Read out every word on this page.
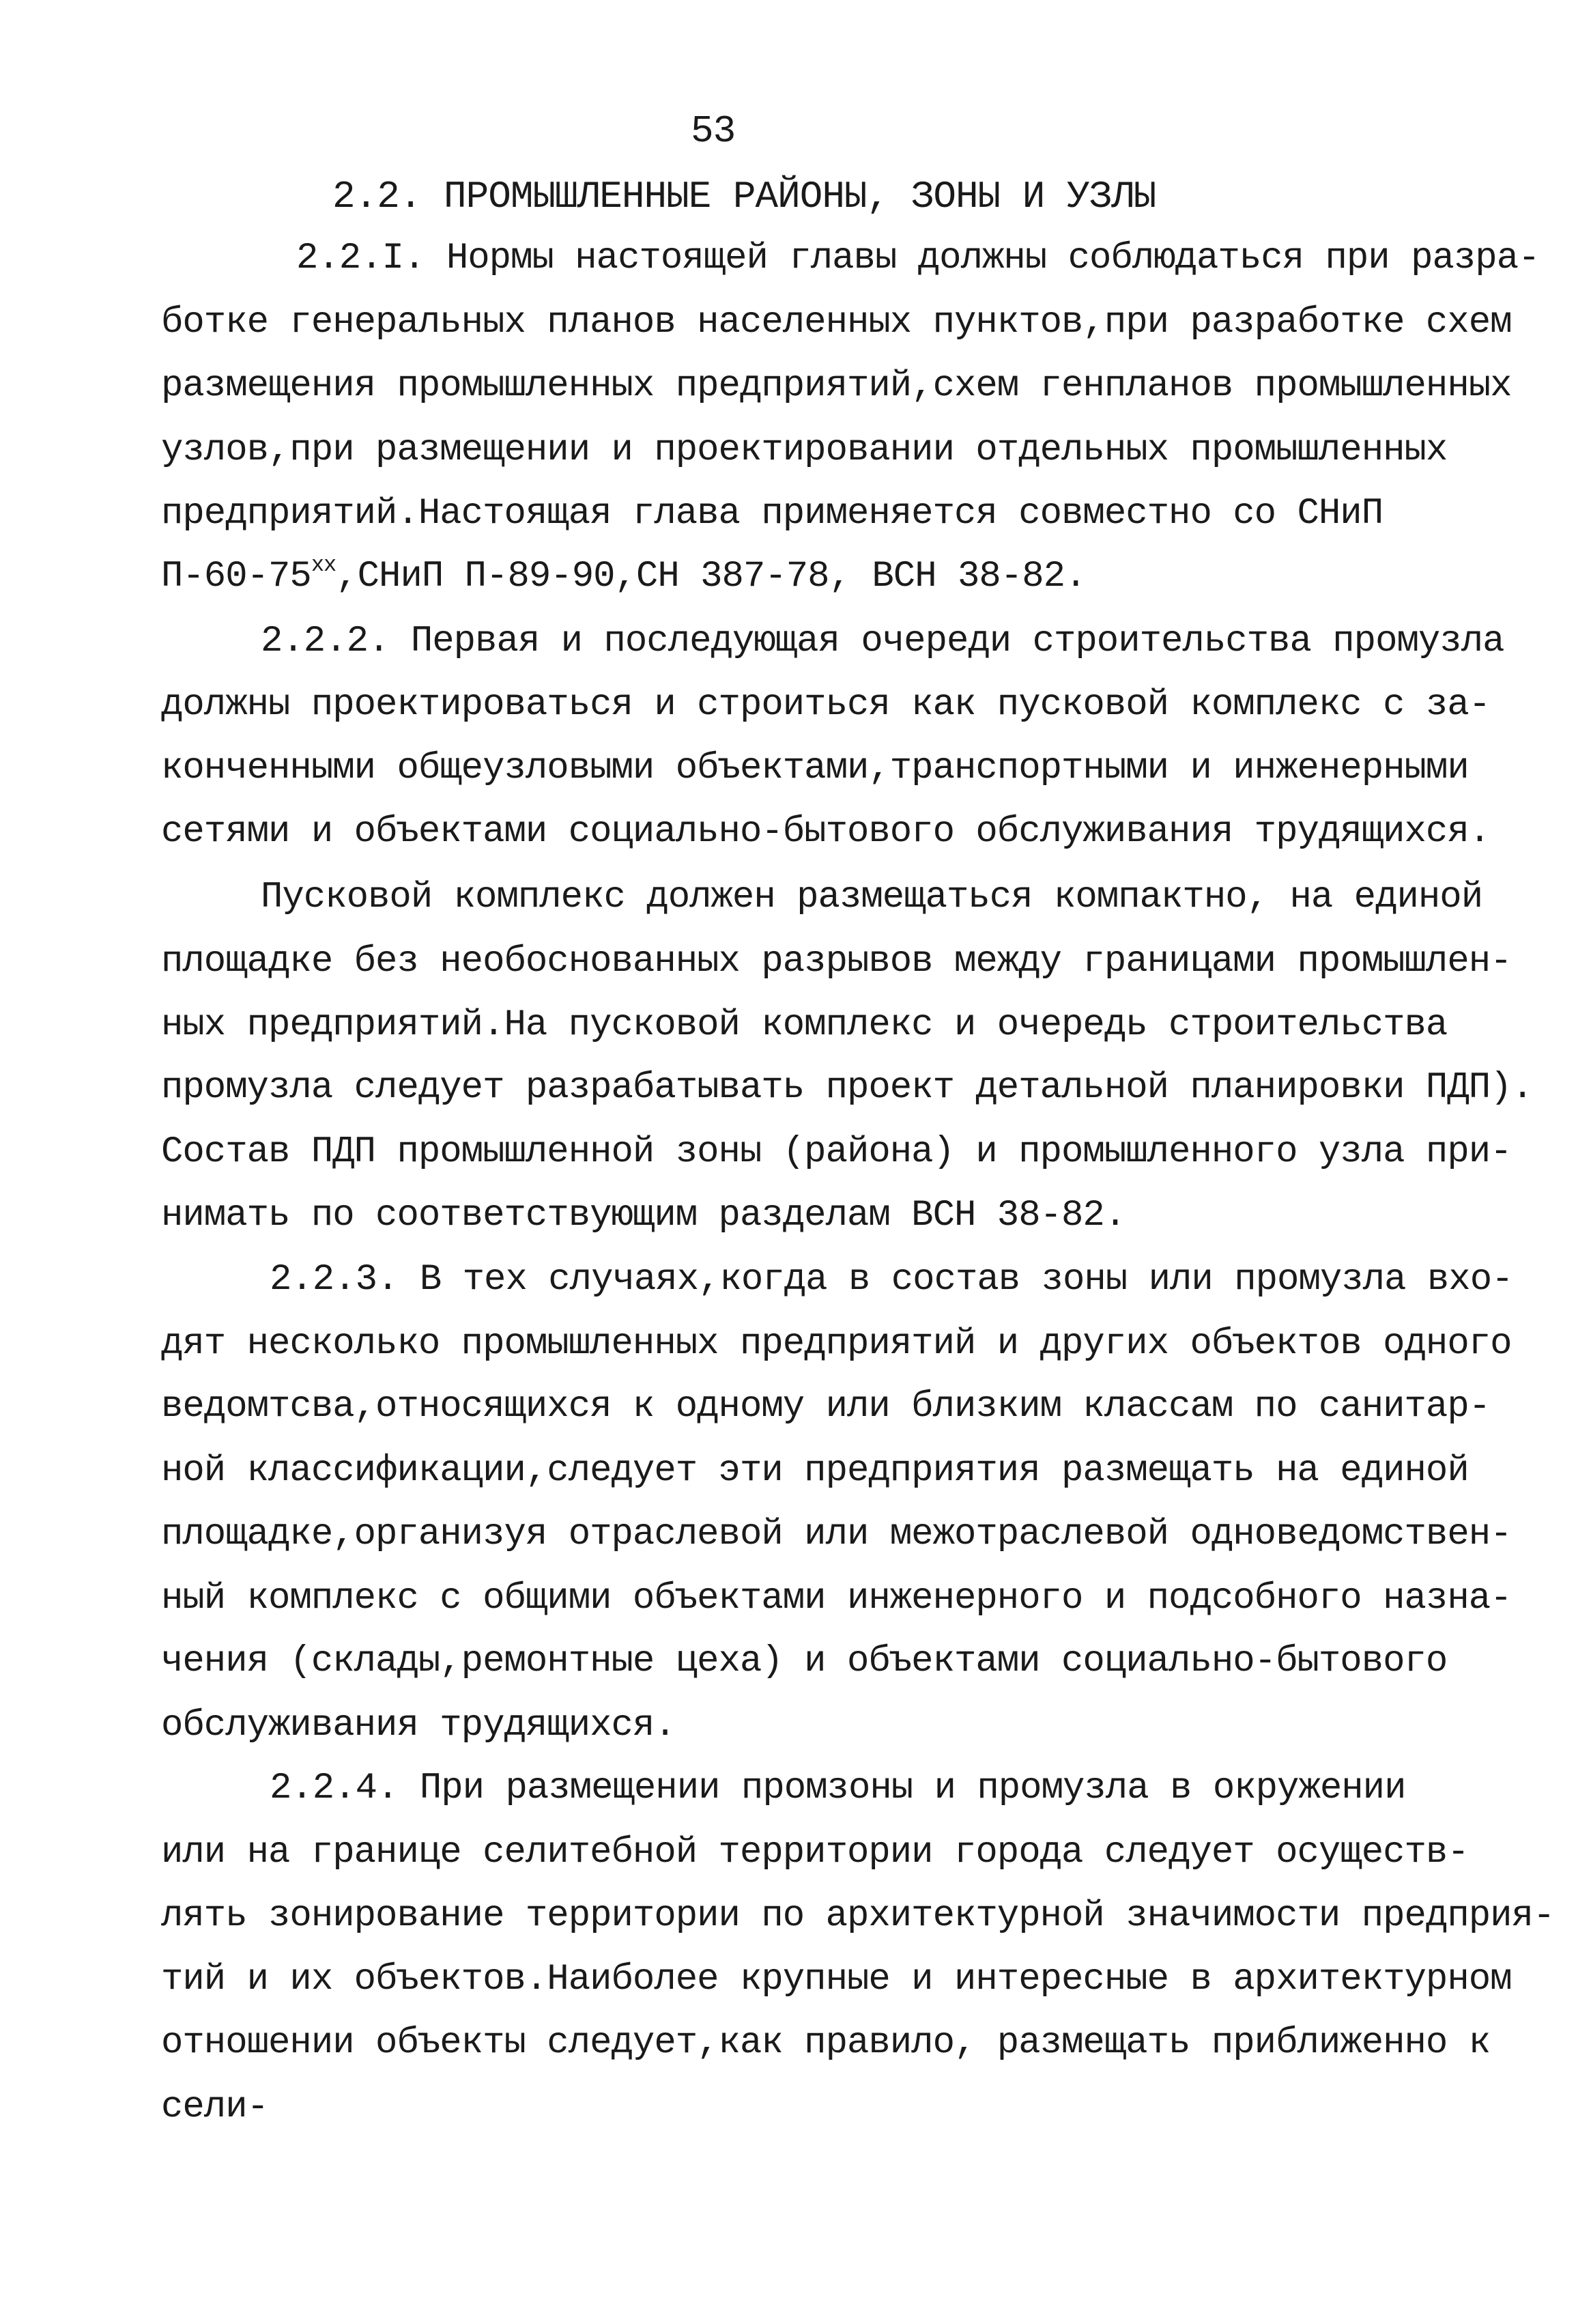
53
2.2. ПРОМЫШЛЕННЫЕ РАЙОНЫ, ЗОНЫ И УЗЛЫ
2.2.I. Нормы настоящей главы должны соблюдаться при разра-
ботке генеральных планов населенных пунктов,при разработке схем
размещения промышленных предприятий,схем генпланов промышленных
узлов,при размещении и проектировании отдельных промышленных
предприятий.Настоящая глава применяется совместно со СНиП
$П-60-75^{хх},СНиП$ П-89-90,СН 387-78, ВСН 38-82.
2.2.2. Первая и последующая очереди строительства промузла
должны проектироваться и строиться как пусковой комплекс с за-
конченными общеузловыми объектами,транспортными и инженерными
сетями и объектами социально-бытового обслуживания трудящихся.
Пусковой комплекс должен размещаться компактно, на единой
площадке без необоснованных разрывов между границами промышлен-
ных предприятий.На пусковой комплекс и очередь строительства
промузла следует разрабатывать проект детальной планировки ПДП).
Состав ПДП промышленной зоны (района) и промышленного узла при-
нимать по соответствующим разделам ВСН 38-82.
2.2.3. В тех случаях,когда в состав зоны или промузла вхо-
дят несколько промышленных предприятий и других объектов одного
ведомтсва,относящихся к одному или близким классам по санитар-
ной классификации,следует эти предприятия размещать на единой
площадке,организуя отраслевой или межотраслевой одноведомствен-
ный комплекс с общими объектами инженерного и подсобного назна-
чения (склады,ремонтные цеха) и объектами социально-бытового
обслуживания трудящихся.
2.2.4. При размещении промзоны и промузла в окружении
или на границе селитебной территории города следует осуществ-
лять зонирование территории по архитектурной значимости предприя-
тий и их объектов.Наиболее крупные и интересные в архитектурном
отношении объекты следует,как правило, размещать приближенно к
сели-
